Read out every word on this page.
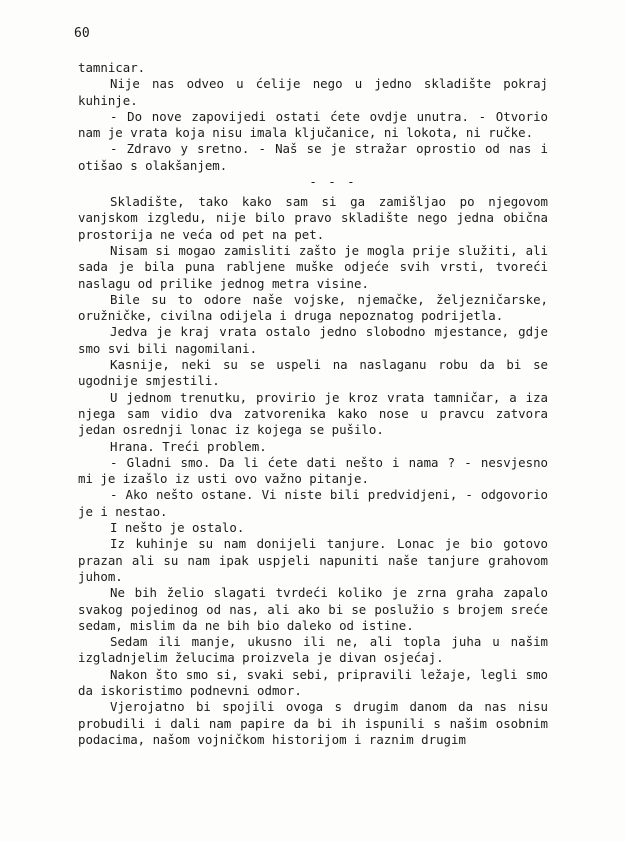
60

tamnicar.

Nije nas odveo u ćelije nego u jedno skladište pokraj kuhinje.

- Do nove zapovijedi ostati ćete ovdje unutra. - Otvorio nam je vrata koja nisu imala ključanice, ni lokota, ni ručke.

- Zdravo y sretno. - Naš se je stražar oprostio od nas i otišao s olakšanjem.

- - -

Skladište, tako kako sam si ga zamišljao po njegovom vanjskom izgledu, nije bilo pravo skladište nego jedna obična prostorija ne veća od pet na pet.

Nisam si mogao zamisliti zašto je mogla prije služiti, ali sada je bila puna rabljene muške odjeće svih vrsti, tvoreći naslagu od prilike jednog metra visine.

Bile su to odore naše vojske, njemačke, željezničarske, oružničke, civilna odijela i druga nepoznatog podrijetla.

Jedva je kraj vrata ostalo jedno slobodno mjestance, gdje smo svi bili nagomilani.

Kasnije, neki su se uspeli na naslaganu robu da bi se ugodnije smjestili.

U jednom trenutku, provirio je kroz vrata tamničar, a iza njega sam vidio dva zatvorenika kako nose u pravcu zatvora jedan osrednji lonac iz kojega se pušilo.

Hrana. Treći problem.

- Gladni smo. Da li ćete dati nešto i nama ? - nesvjesno mi je izašlo iz usti ovo važno pitanje.

- Ako nešto ostane. Vi niste bili predvidjeni, - odgovorio je i nestao.

I nešto je ostalo.

Iz kuhinje su nam donijeli tanjure. Lonac je bio gotovo prazan ali su nam ipak uspjeli napuniti naše tanjure grahovom juhom.

Ne bih želio slagati tvrdeći koliko je zrna graha zapalo svakog pojedinog od nas, ali ako bi se poslužio s brojem sreće sedam, mislim da ne bih bio daleko od istine.

Sedam ili manje, ukusno ili ne, ali topla juha u našim izgladnjelim želucima proizvela je divan osjećaj.

Nakon što smo si, svaki sebi, pripravili ležaje, legli smo da iskoristimo podnevni odmor.

Vjerojatno bi spojili ovoga s drugim danom da nas nisu probudili i dali nam papire da bi ih ispunili s našim osobnim podacima, našom vojničkom historijom i raznim drugim
